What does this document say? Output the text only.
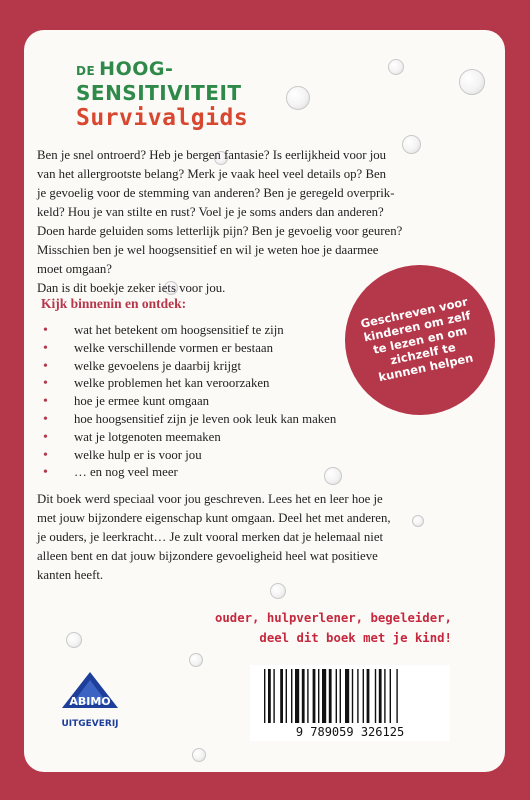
DE HOOG-
SENSITIVITEIT
Survivalgids

Ben je snel ontroerd? Heb je bergen fantasie? Is eerlijkheid voor jou
van het allergrootste belang? Merk je vaak heel veel details op? Ben
je gevoelig voor de stemming van anderen? Ben je geregeld overprik-
keld? Hou je van stilte en rust? Voel je je soms anders dan anderen?
Doen harde geluiden soms letterlijk pijn? Ben je gevoelig voor geuren?
Misschien ben je wel hoogsensitief en wil je weten hoe je daarmee
moet omgaan?
Dan is dit boekje zeker iets voor jou.

Kijk binnenin en ontdek:
• wat het betekent om hoogsensitief te zijn
• welke verschillende vormen er bestaan
• welke gevoelens je daarbij krijgt
• welke problemen het kan veroorzaken
• hoe je ermee kunt omgaan
• hoe hoogsensitief zijn je leven ook leuk kan maken
• wat je lotgenoten meemaken
• welke hulp er is voor jou
• … en nog veel meer
Geschreven voor kinderen om zelf te lezen en om zichzelf te kunnen helpen

Dit boek werd speciaal voor jou geschreven. Lees het en leer hoe je
met jouw bijzondere eigenschap kunt omgaan. Deel het met anderen,
je ouders, je leerkracht… Je zult vooral merken dat je helemaal niet
alleen bent en dat jouw bijzondere gevoeligheid heel wat positieve
kanten heeft.

ouder, hulpverlener, begeleider,
deel dit boek met je kind!

ABIMO
UITGEVERIJ
9 789059 326125
